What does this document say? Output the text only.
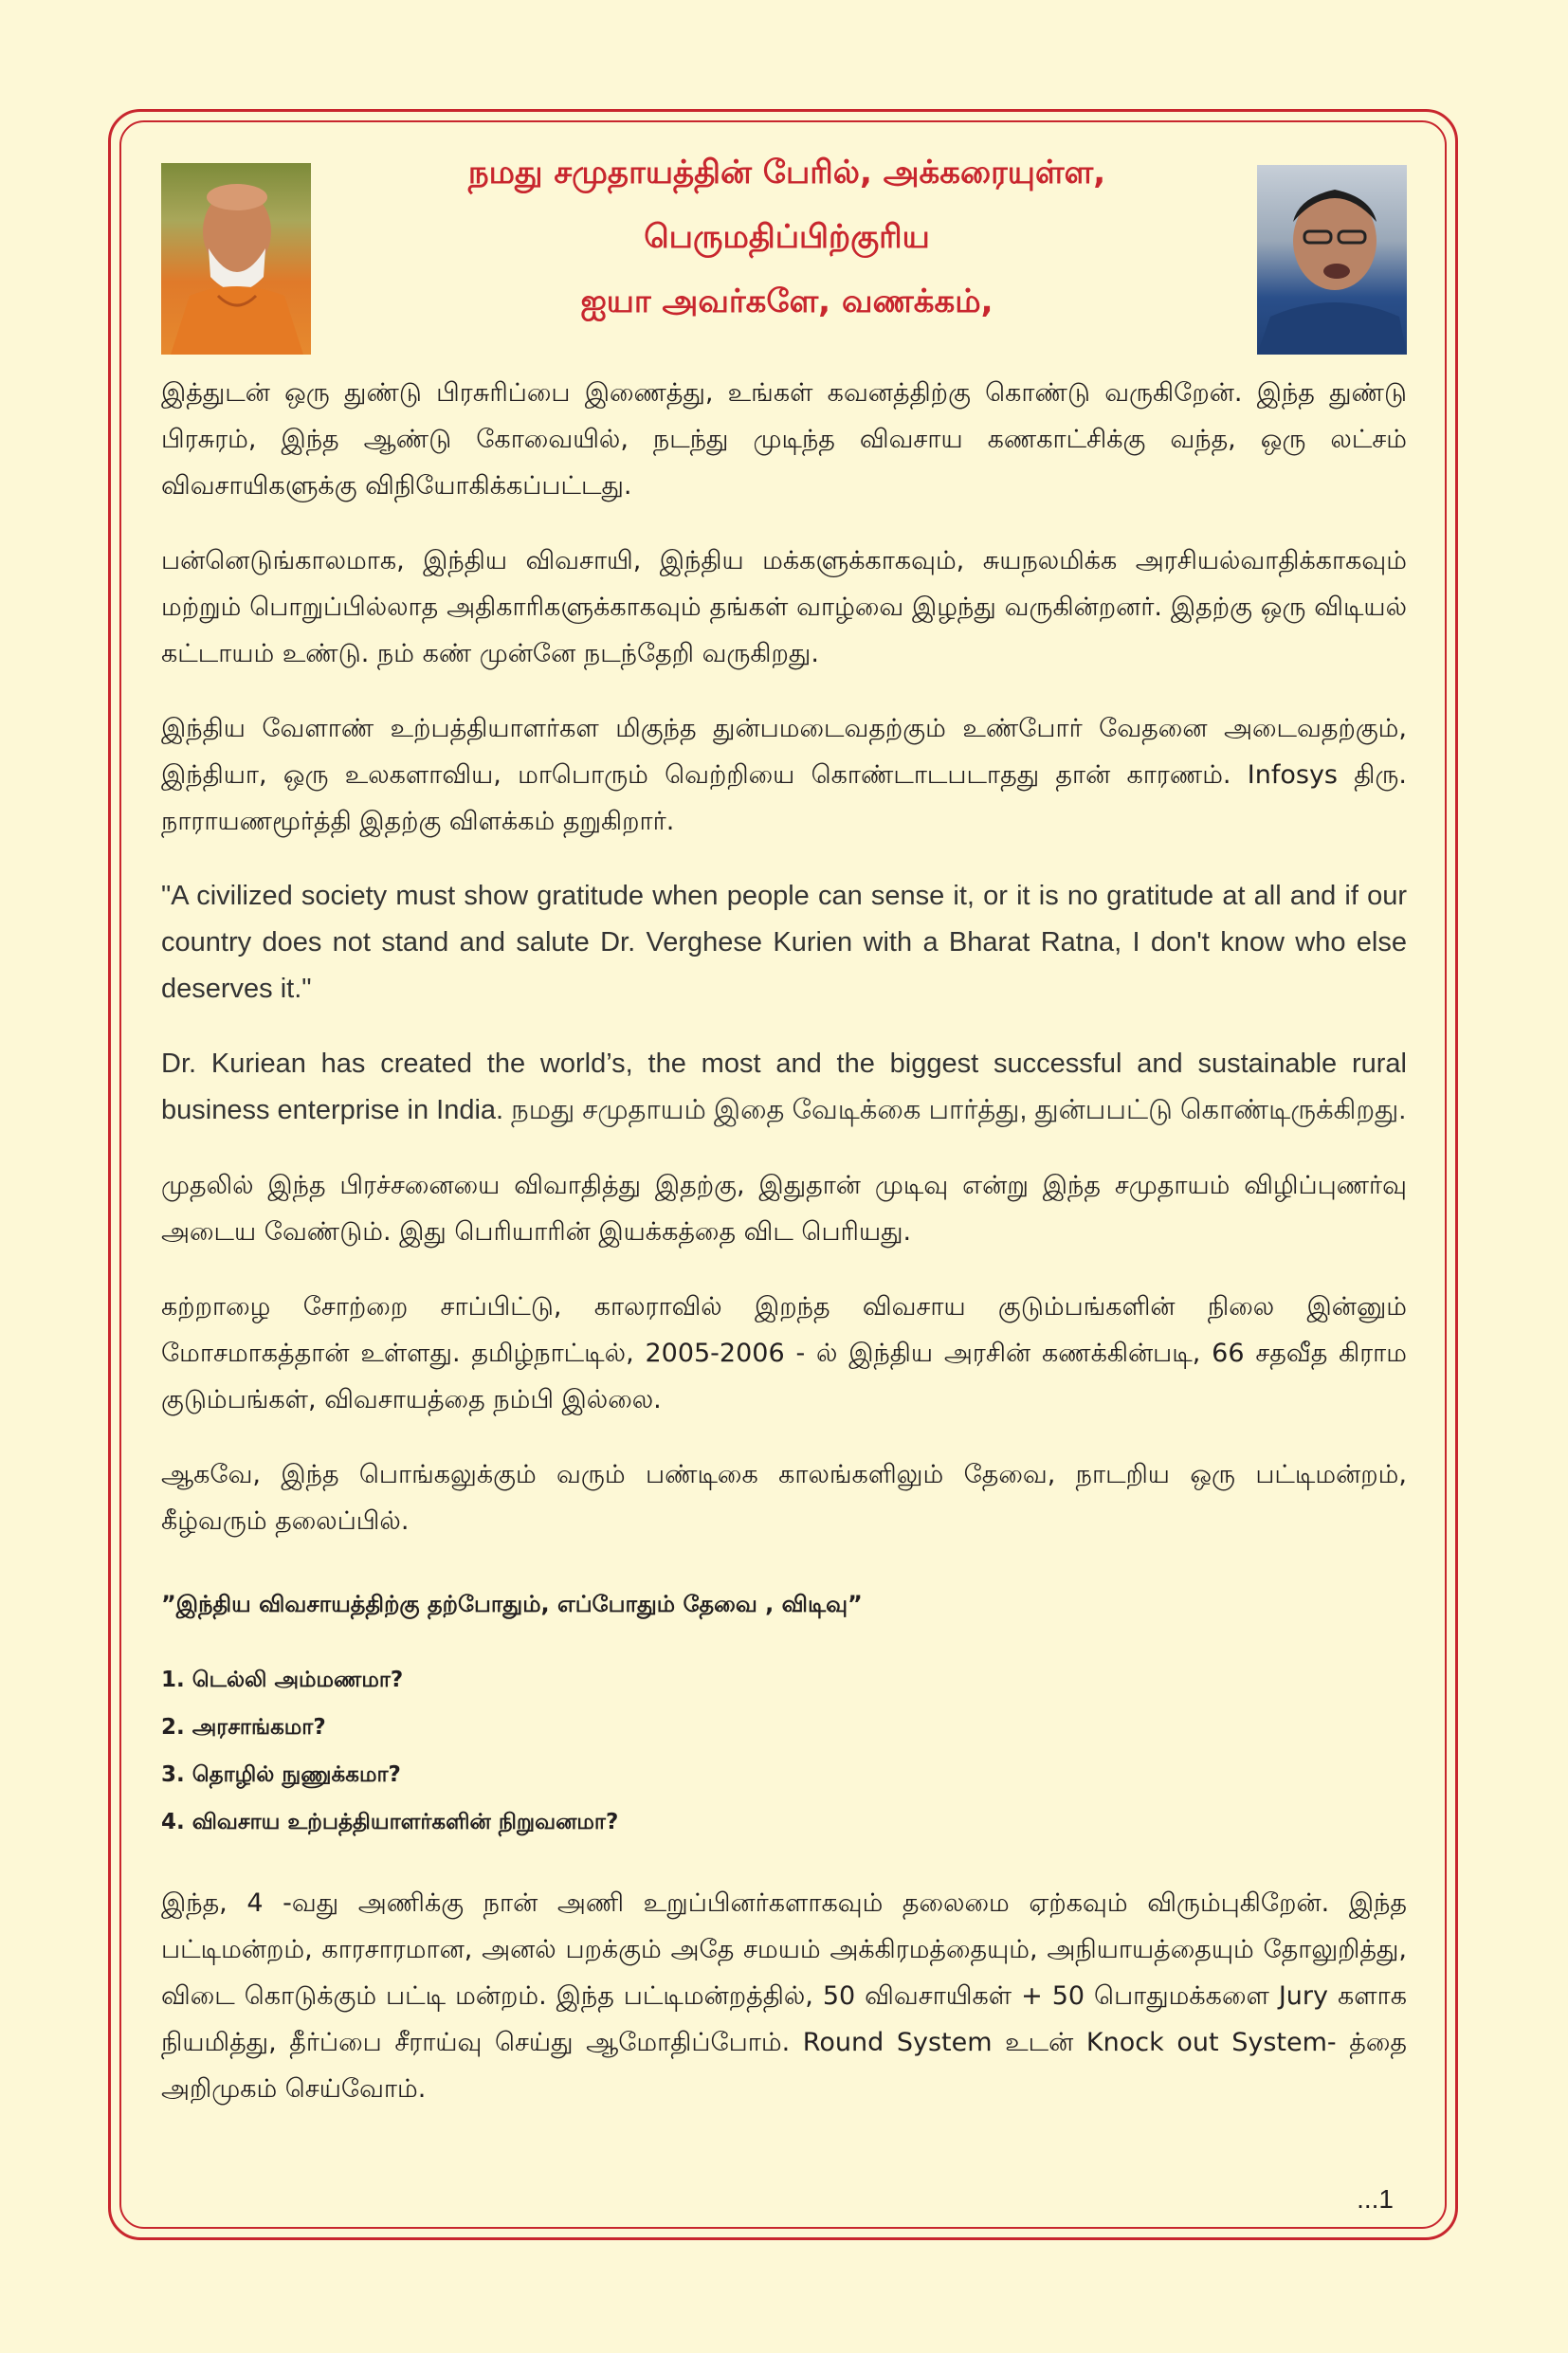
நமது சமுதாயத்தின் பேரில், அக்கரையுள்ள,
பெருமதிப்பிற்குரிய
ஐயா அவர்களே, வணக்கம்,

இத்துடன் ஒரு துண்டு பிரசுரிப்பை இணைத்து, உங்கள் கவனத்திற்கு கொண்டு வருகிறேன். இந்த துண்டு பிரசுரம், இந்த ஆண்டு கோவையில், நடந்து முடிந்த விவசாய கணகாட்சிக்கு வந்த, ஒரு லட்சம் விவசாயிகளுக்கு விநியோகிக்கப்பட்டது.

பன்னெடுங்காலமாக, இந்திய விவசாயி, இந்திய மக்களுக்காகவும், சுயநலமிக்க அரசியல்வாதிக்காகவும் மற்றும் பொறுப்பில்லாத அதிகாரிகளுக்காகவும் தங்கள் வாழ்வை இழந்து வருகின்றனர். இதற்கு ஒரு விடியல் கட்டாயம் உண்டு. நம் கண் முன்னே நடந்தேறி வருகிறது.

இந்திய வேளாண் உற்பத்தியாளர்கள மிகுந்த துன்பமடைவதற்கும் உண்போர் வேதனை அடைவதற்கும், இந்தியா, ஒரு உலகளாவிய, மாபொரும் வெற்றியை கொண்டாடபடாதது தான் காரணம். Infosys திரு. நாராயணமூர்த்தி இதற்கு விளக்கம் தறுகிறார்.

"A civilized society must show gratitude when people can sense it, or it is no gratitude at all and if our country does not stand and salute Dr. Verghese Kurien with a Bharat Ratna, I don't know who else deserves it."

Dr. Kuriean has created the world’s, the most and the biggest successful and sustainable rural business enterprise in India. நமது சமுதாயம் இதை வேடிக்கை பார்த்து, துன்பபட்டு கொண்டிருக்கிறது.

முதலில் இந்த பிரச்சனையை விவாதித்து இதற்கு, இதுதான் முடிவு என்று இந்த சமுதாயம் விழிப்புணர்வு அடைய வேண்டும். இது பெரியாரின் இயக்கத்தை விட பெரியது.

கற்றாழை சோற்றை சாப்பிட்டு, காலராவில் இறந்த விவசாய குடும்பங்களின் நிலை இன்னும் மோசமாகத்தான் உள்ளது. தமிழ்நாட்டில், 2005-2006 - ல் இந்திய அரசின் கணக்கின்படி, 66 சதவீத கிராம குடும்பங்கள், விவசாயத்தை நம்பி இல்லை.

ஆகவே, இந்த பொங்கலுக்கும் வரும் பண்டிகை காலங்களிலும் தேவை, நாடறிய ஒரு பட்டிமன்றம், கீழ்வரும் தலைப்பில்.

”இந்திய விவசாயத்திற்கு தற்போதும், எப்போதும் தேவை , விடிவு”
1. டெல்லி அம்மணமா?
2. அரசாங்கமா?
3. தொழில் நுணுக்கமா?
4. விவசாய உற்பத்தியாளர்களின் நிறுவனமா?

இந்த, 4 -வது அணிக்கு நான் அணி உறுப்பினர்களாகவும் தலைமை ஏற்கவும் விரும்புகிறேன். இந்த பட்டிமன்றம், காரசாரமான, அனல் பறக்கும் அதே சமயம் அக்கிரமத்தையும், அநியாயத்தையும் தோலுறித்து, விடை கொடுக்கும் பட்டி மன்றம். இந்த பட்டிமன்றத்தில், 50 விவசாயிகள் + 50 பொதுமக்களை Jury களாக நியமித்து, தீர்ப்பை சீராய்வு செய்து ஆமோதிப்போம். Round System உடன் Knock out System- த்தை அறிமுகம் செய்வோம்.

...1
